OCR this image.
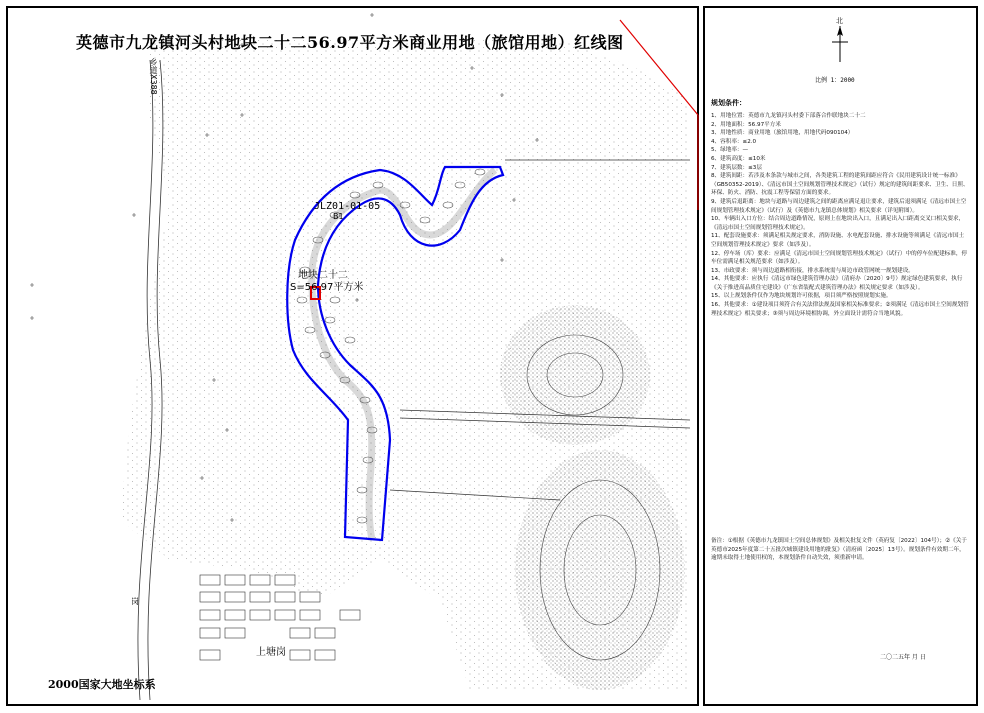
英德市九龙镇河头村地块二十二56.97平方米商业用地（旅馆用地）红线图
JLZ01-01-05
B1
地块二十二
S=56.97平方米
上塘岗
乡道X388
岗
2000国家大地坐标系
北
比例 1：2000
规划条件：
1、用地位置：英德市九龙镇河头村委下部落合作联地块二十二
2、用地面积：56.97平方米
3、用地性质：商业用地（旅馆用地，用地代码090104）
4、容积率：≤2.0
5、绿地率：—
6、建筑高度：≤10米
7、建筑层数：≤3层
8、建筑间距：若涉及本条款与城市之间，各类建筑工程的建筑间距应符合《民用建筑设计统一标准》（GB50352-2019）、《清远市国土空间规划管理技术规定》（试行）规定的建筑间距要求、卫生、日照、环保、防火、消防、抗震工程等保留方面的要求。
9、建筑后退距离：地块与道路与周边建筑之间的距离应满足退让要求，建筑后退须满足《清远市国土空间规划管理技术规定》（试行）及《英德市九龙镇总体规划》相关要求（详见附图）。
10、车辆出入口方位：结合周边道路情况，原则上在地块出入口，且满足出入口距离交叉口相关要求，《清远市国土空间规划管理技术规定》。
11、配套设施要求：须满足相关规定要求，消防设施、水电配套设施、排水设施等须满足《清远市国土空间规划管理技术规定》要求（如涉及）。
12、停车场（库）要求：应满足《清远市国土空间规划管理技术规定》（试行）中的停车位配建标准，停车位需满足相关规范要求（如涉及）。
13、市政要求：须与周边道路相衔接，排水系统需与周边市政管网统一规划建设。
14、其他要求：应执行《清远市绿色建筑管理办法》（清府办〔2020〕9号）规定绿色建筑要求，执行《关于推进高品质住宅建设》《广东省装配式建筑管理办法》相关规定要求（如涉及）。
15、以上规划条件仅作为地块规划许可依据，项目须严格按照规划实施。
16、其他要求：①建设项目须符合有关法律法规及国家相关标准要求；②须满足《清远市国土空间规划管理技术规定》相关要求；③须与周边环境相协调，外立面设计需符合当地风貌。
备注：①根据《英德市九龙镇国土空间总体规划》及相关批复文件（英府复〔2022〕104号）；②《关于英德市2025年度第二十五批次城镇建设用地的批复》（清府函〔2025〕13号）。规划条件有效期二年，逾期未取得土地使用权的，本规划条件自动失效，须重新申请。
二〇二五年 月 日
